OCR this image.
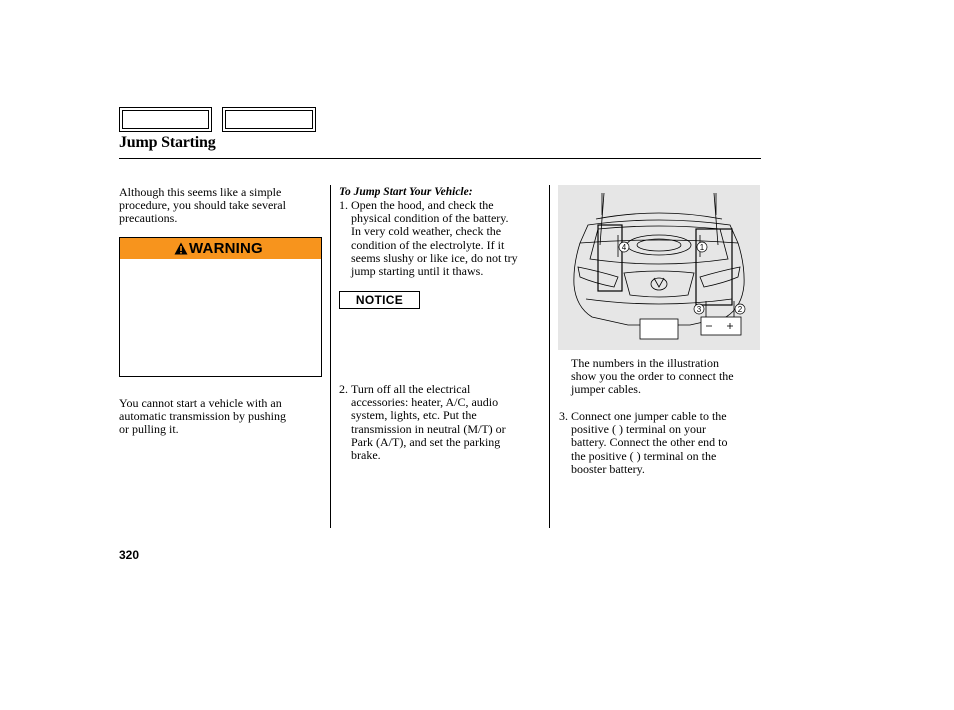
Jump Starting
Although this seems like a simple
procedure, you should take several
precautions.
WARNING
You cannot start a vehicle with an
automatic transmission by pushing
or pulling it.
To Jump Start Your Vehicle:
1. Open the hood, and check the
physical condition of the battery.
In very cold weather, check the
condition of the electrolyte. If it
seems slushy or like ice, do not try
jump starting until it thaws.
NOTICE
2. Turn off all the electrical
accessories: heater, A/C, audio
system, lights, etc. Put the
transmission in neutral (M/T) or
Park (A/T), and set the parking
brake.
1
2
3
4
The numbers in the illustration
show you the order to connect the
jumper cables.
3. Connect one jumper cable to the
positive ( ) terminal on your
battery. Connect the other end to
the positive ( ) terminal on the
booster battery.
320
